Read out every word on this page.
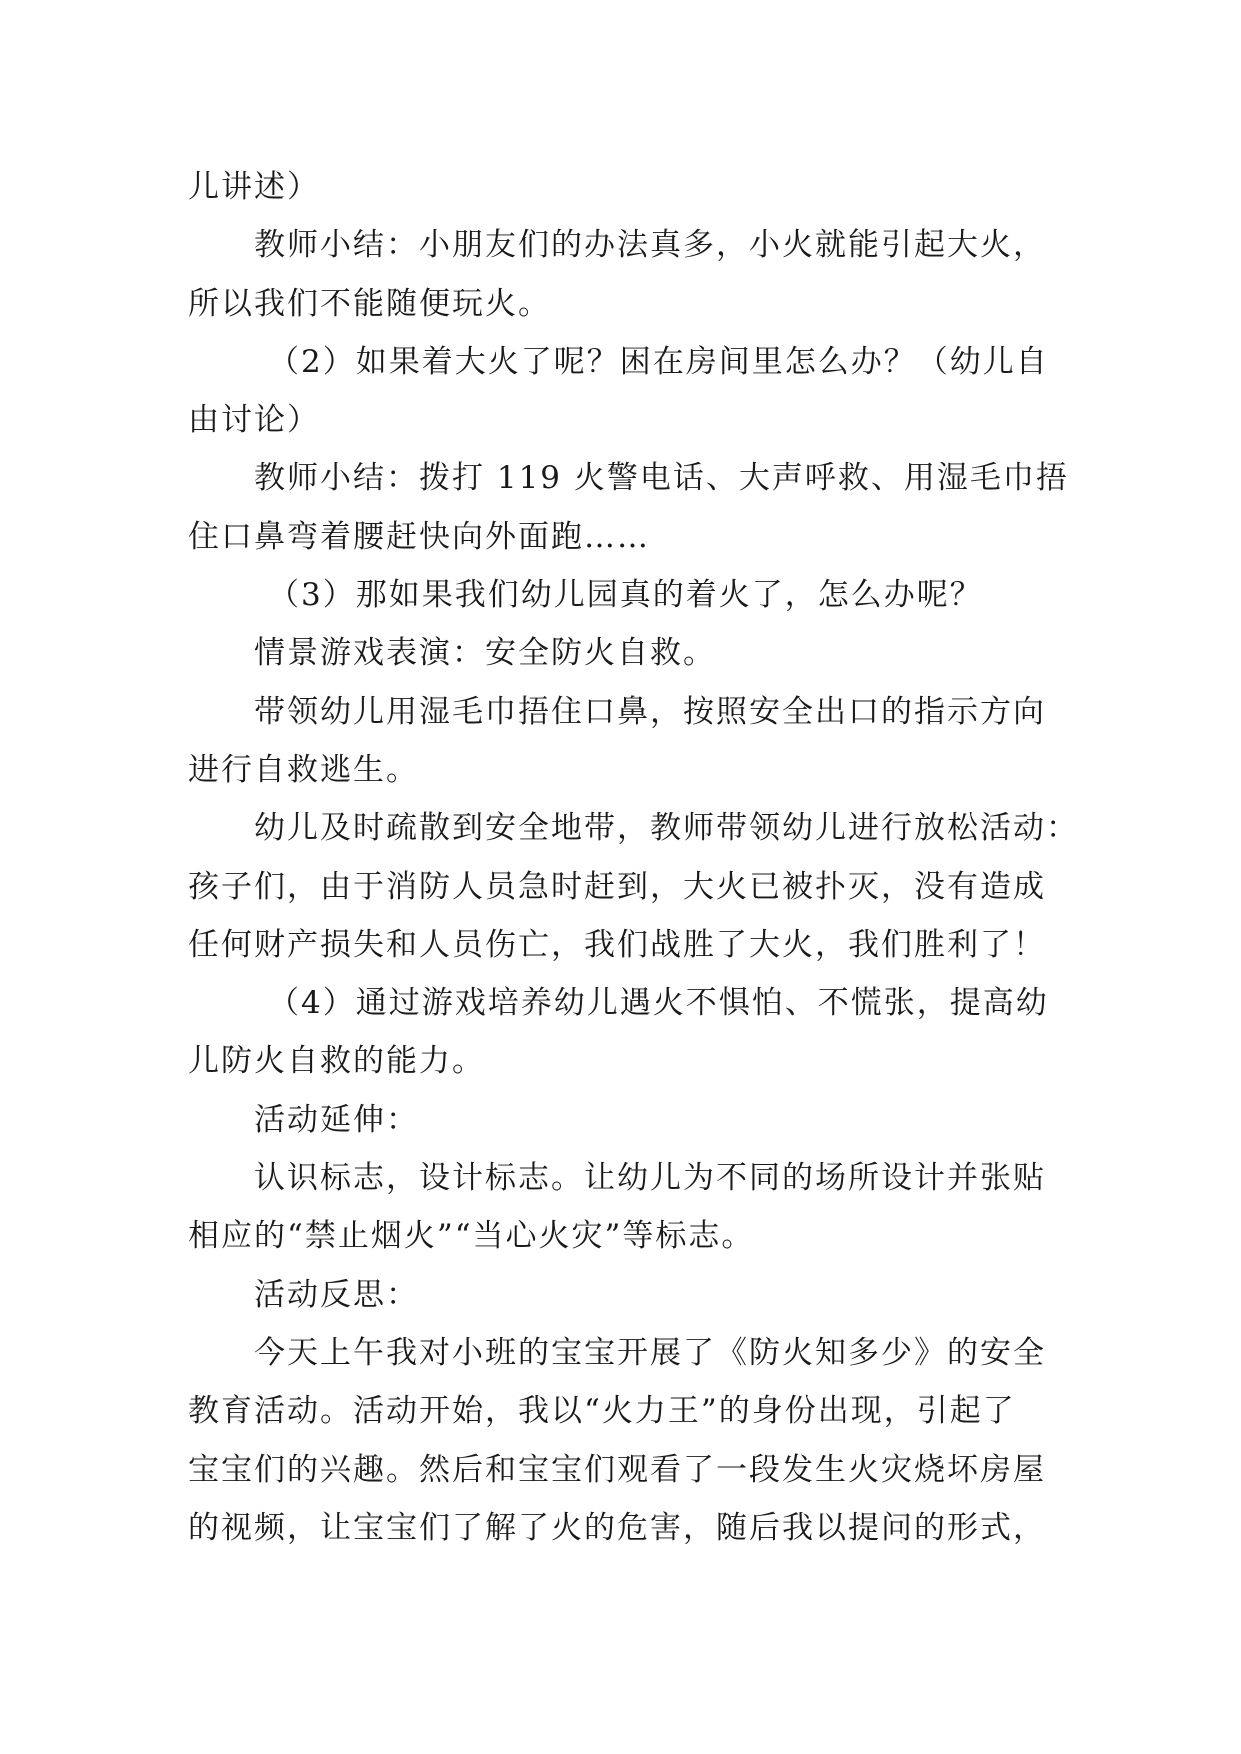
儿讲述）
教师小结：小朋友们的办法真多，小火就能引起大火，
所以我们不能随便玩火。
（2）如果着大火了呢？困在房间里怎么办？（幼儿自
由讨论）
教师小结：拨打 119 火警电话、大声呼救、用湿毛巾捂
住口鼻弯着腰赶快向外面跑……
（3）那如果我们幼儿园真的着火了，怎么办呢？
情景游戏表演：安全防火自救。
带领幼儿用湿毛巾捂住口鼻，按照安全出口的指示方向
进行自救逃生。
幼儿及时疏散到安全地带，教师带领幼儿进行放松活动：
孩子们，由于消防人员急时赶到，大火已被扑灭，没有造成
任何财产损失和人员伤亡，我们战胜了大火，我们胜利了！
（4）通过游戏培养幼儿遇火不惧怕、不慌张，提高幼
儿防火自救的能力。
活动延伸：
认识标志，设计标志。让幼儿为不同的场所设计并张贴
相应的“禁止烟火”“当心火灾”等标志。
活动反思：
今天上午我对小班的宝宝开展了《防火知多少》的安全
教育活动。活动开始，我以“火力王”的身份出现，引起了
宝宝们的兴趣。然后和宝宝们观看了一段发生火灾烧坏房屋
的视频，让宝宝们了解了火的危害，随后我以提问的形式，
